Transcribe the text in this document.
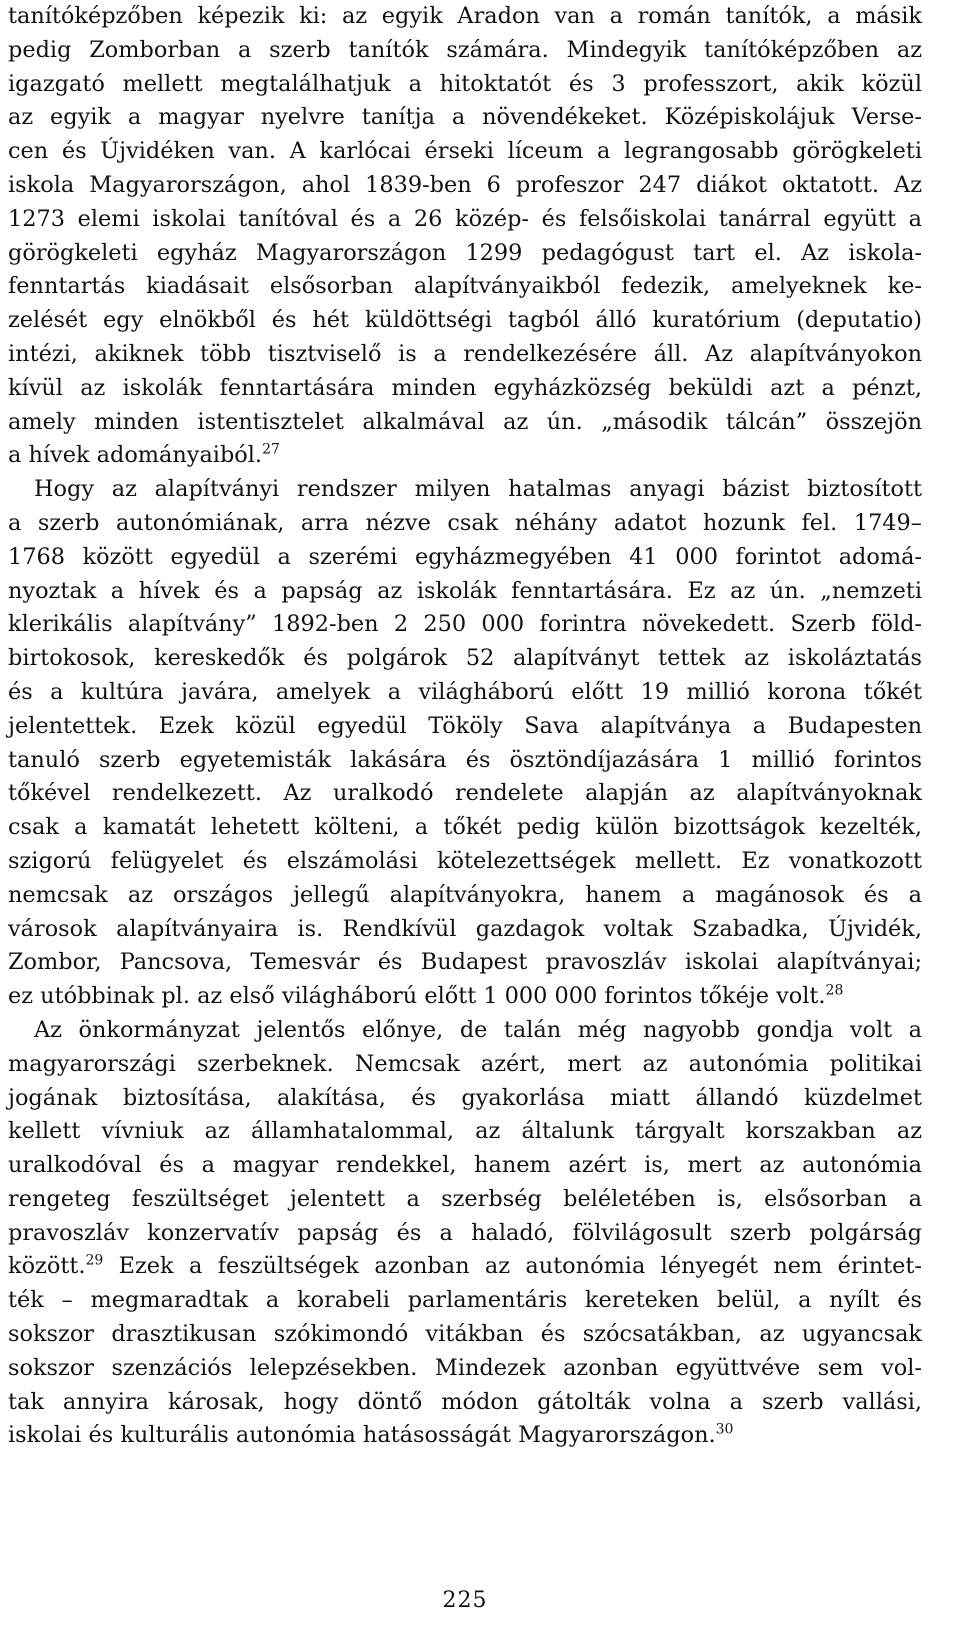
tanítóképzőben képezik ki: az egyik Aradon van a román tanítók, a másik
pedig Zomborban a szerb tanítók számára. Mindegyik tanítóképzőben az
igazgató mellett megtalálhatjuk a hitoktatót és 3 professzort, akik közül
az egyik a magyar nyelvre tanítja a növendékeket. Középiskolájuk Verse-
cen és Újvidéken van. A karlócai érseki líceum a legrangosabb görögkeleti
iskola Magyarországon, ahol 1839-ben 6 profeszor 247 diákot oktatott. Az
1273 elemi iskolai tanítóval és a 26 közép- és felsőiskolai tanárral együtt a
görögkeleti egyház Magyarországon 1299 pedagógust tart el. Az iskola-
fenntartás kiadásait elsősorban alapítványaikból fedezik, amelyeknek ke-
zelését egy elnökből és hét küldöttségi tagból álló kuratórium (deputatio)
intézi, akiknek több tisztviselő is a rendelkezésére áll. Az alapítványokon
kívül az iskolák fenntartására minden egyházközség beküldi azt a pénzt,
amely minden istentisztelet alkalmával az ún. „második tálcán” összejön
a hívek adományaiból.$^{27}$
Hogy az alapítványi rendszer milyen hatalmas anyagi bázist biztosított
a szerb autonómiának, arra nézve csak néhány adatot hozunk fel. 1749–
1768 között egyedül a szerémi egyházmegyében 41 000 forintot adomá-
nyoztak a hívek és a papság az iskolák fenntartására. Ez az ún. „nemzeti
klerikális alapítvány” 1892-ben 2 250 000 forintra növekedett. Szerb föld-
birtokosok, kereskedők és polgárok 52 alapítványt tettek az iskoláztatás
és a kultúra javára, amelyek a világháború előtt 19 millió korona tőkét
jelentettek. Ezek közül egyedül Tököly Sava alapítványa a Budapesten
tanuló szerb egyetemisták lakására és ösztöndíjazására 1 millió forintos
tőkével rendelkezett. Az uralkodó rendelete alapján az alapítványoknak
csak a kamatát lehetett költeni, a tőkét pedig külön bizottságok kezelték,
szigorú felügyelet és elszámolási kötelezettségek mellett. Ez vonatkozott
nemcsak az országos jellegű alapítványokra, hanem a magánosok és a
városok alapítványaira is. Rendkívül gazdagok voltak Szabadka, Újvidék,
Zombor, Pancsova, Temesvár és Budapest pravoszláv iskolai alapítványai;
ez utóbbinak pl. az első világháború előtt 1 000 000 forintos tőkéje volt.$^{28}$
Az önkormányzat jelentős előnye, de talán még nagyobb gondja volt a
magyarországi szerbeknek. Nemcsak azért, mert az autonómia politikai
jogának biztosítása, alakítása, és gyakorlása miatt állandó küzdelmet
kellett vívniuk az államhatalommal, az általunk tárgyalt korszakban az
uralkodóval és a magyar rendekkel, hanem azért is, mert az autonómia
rengeteg feszültséget jelentett a szerbség beléletében is, elsősorban a
pravoszláv konzervatív papság és a haladó, fölvilágosult szerb polgárság
között.$^{29}$ Ezek a feszültségek azonban az autonómia lényegét nem érintet-
ték – megmaradtak a korabeli parlamentáris kereteken belül, a nyílt és
sokszor drasztikusan szókimondó vitákban és szócsatákban, az ugyancsak
sokszor szenzációs lelepzésekben. Mindezek azonban együttvéve sem vol-
tak annyira károsak, hogy döntő módon gátolták volna a szerb vallási,
iskolai és kulturális autonómia hatásosságát Magyarországon.$^{30}$
225
